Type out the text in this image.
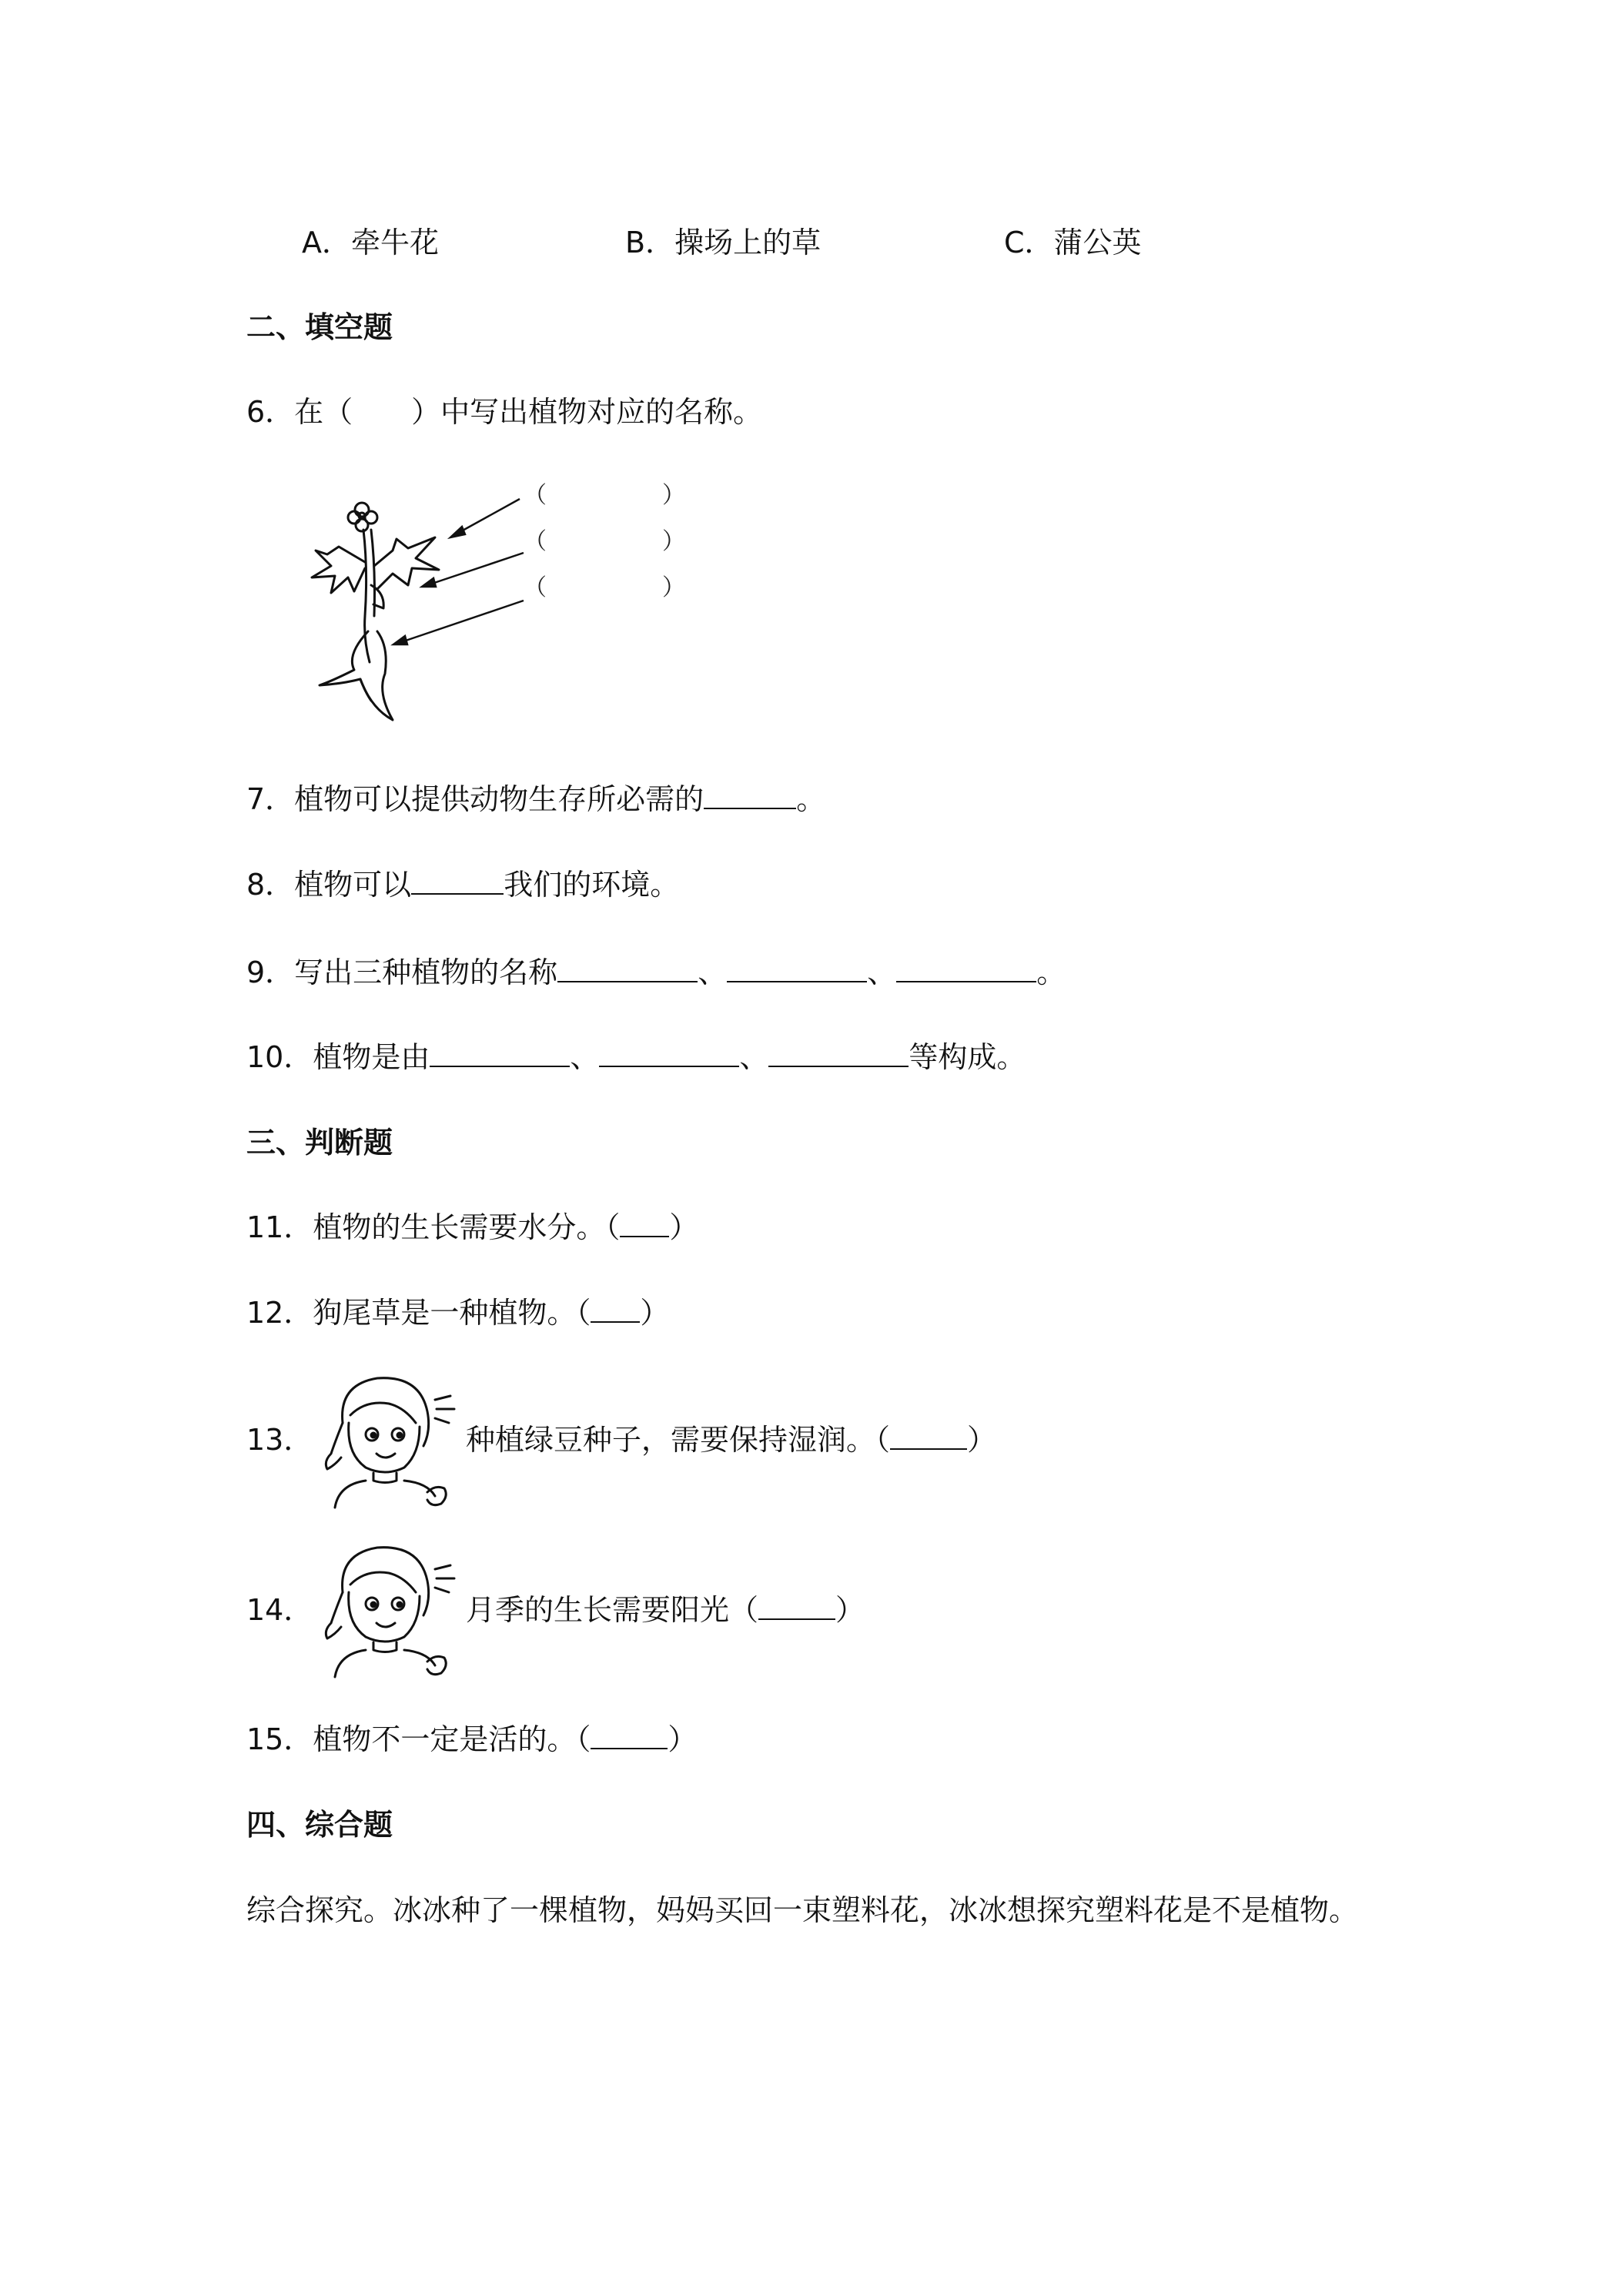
A．牵牛花	B．操场上的草	C．蒲公英
二、填空题
6．在（　　）中写出植物对应的名称。
（　　　　　）
（　　　　　）
（　　　　　）
7．植物可以提供动物生存所必需的	。
8．植物可以	我们的环境。
9．写出三种植物的名称	、	、	。
10．植物是由	、	、	等构成。
三、判断题
11．植物的生长需要水分。（ ）
12．狗尾草是一种植物。（ ）
13．	种植绿豆种子，需要保持湿润。（	）
14．	月季的生长需要阳光（	）
15．植物不一定是活的。（	）
四、综合题
综合探究。冰冰种了一棵植物，妈妈买回一束塑料花，冰冰想探究塑料花是不是植物。
